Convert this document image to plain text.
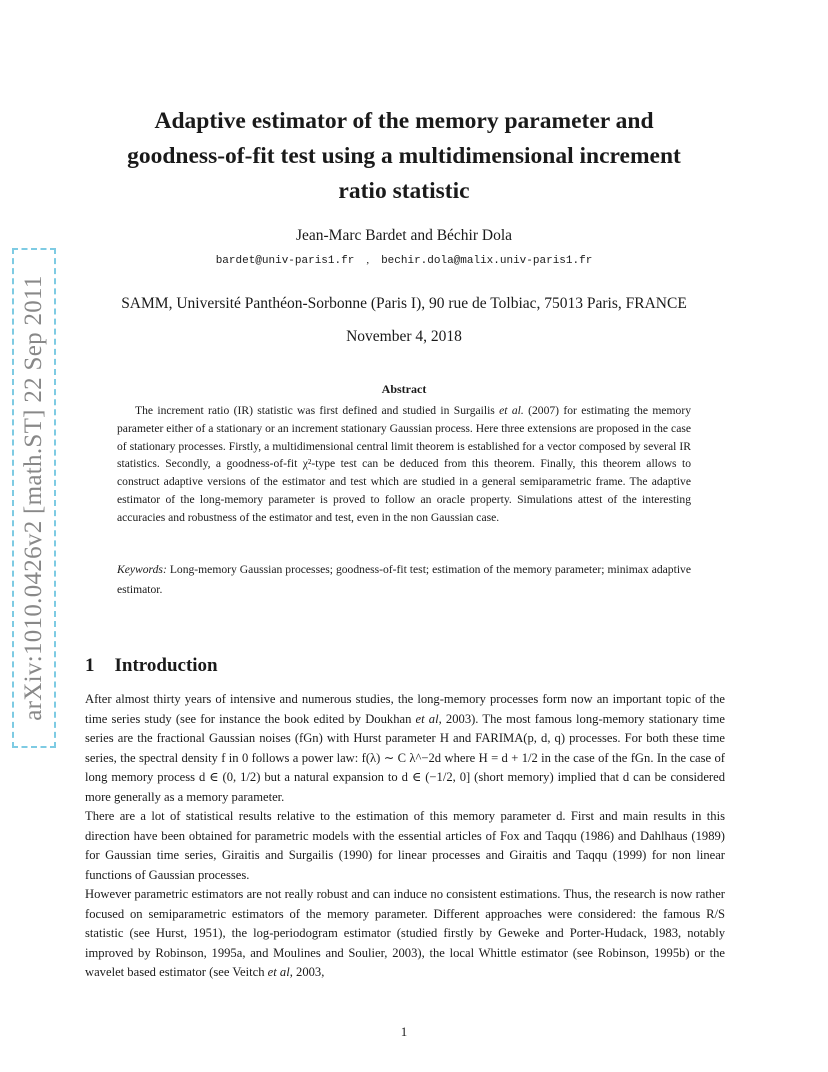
arXiv:1010.0426v2 [math.ST] 22 Sep 2011
Adaptive estimator of the memory parameter and
goodness-of-fit test using a multidimensional increment
ratio statistic
Jean-Marc Bardet and Béchir Dola
bardet@univ-paris1.fr , bechir.dola@malix.univ-paris1.fr
SAMM, Université Panthéon-Sorbonne (Paris I), 90 rue de Tolbiac, 75013 Paris, FRANCE
November 4, 2018
Abstract

The increment ratio (IR) statistic was first defined and studied in Surgailis et al. (2007) for estimating the memory parameter either of a stationary or an increment stationary Gaussian process. Here three extensions are proposed in the case of stationary processes. Firstly, a multidimensional central limit theorem is established for a vector composed by several IR statistics. Secondly, a goodness-of-fit χ²-type test can be deduced from this theorem. Finally, this theorem allows to construct adaptive versions of the estimator and test which are studied in a general semiparametric frame. The adaptive estimator of the long-memory parameter is proved to follow an oracle property. Simulations attest of the interesting accuracies and robustness of the estimator and test, even in the non Gaussian case.

Keywords: Long-memory Gaussian processes; goodness-of-fit test; estimation of the memory parameter; minimax adaptive estimator.

1 Introduction

After almost thirty years of intensive and numerous studies, the long-memory processes form now an important topic of the time series study (see for instance the book edited by Doukhan et al, 2003). The most famous long-memory stationary time series are the fractional Gaussian noises (fGn) with Hurst parameter H and FARIMA(p, d, q) processes. For both these time series, the spectral density f in 0 follows a power law: f(λ) ∼ C λ^−2d where H = d + 1/2 in the case of the fGn. In the case of long memory process d ∈ (0, 1/2) but a natural expansion to d ∈ (−1/2, 0] (short memory) implied that d can be considered more generally as a memory parameter.

There are a lot of statistical results relative to the estimation of this memory parameter d. First and main results in this direction have been obtained for parametric models with the essential articles of Fox and Taqqu (1986) and Dahlhaus (1989) for Gaussian time series, Giraitis and Surgailis (1990) for linear processes and Giraitis and Taqqu (1999) for non linear functions of Gaussian processes.

However parametric estimators are not really robust and can induce no consistent estimations. Thus, the research is now rather focused on semiparametric estimators of the memory parameter. Different approaches were considered: the famous R/S statistic (see Hurst, 1951), the log-periodogram estimator (studied firstly by Geweke and Porter-Hudack, 1983, notably improved by Robinson, 1995a, and Moulines and Soulier, 2003), the local Whittle estimator (see Robinson, 1995b) or the wavelet based estimator (see Veitch et al, 2003,

1
